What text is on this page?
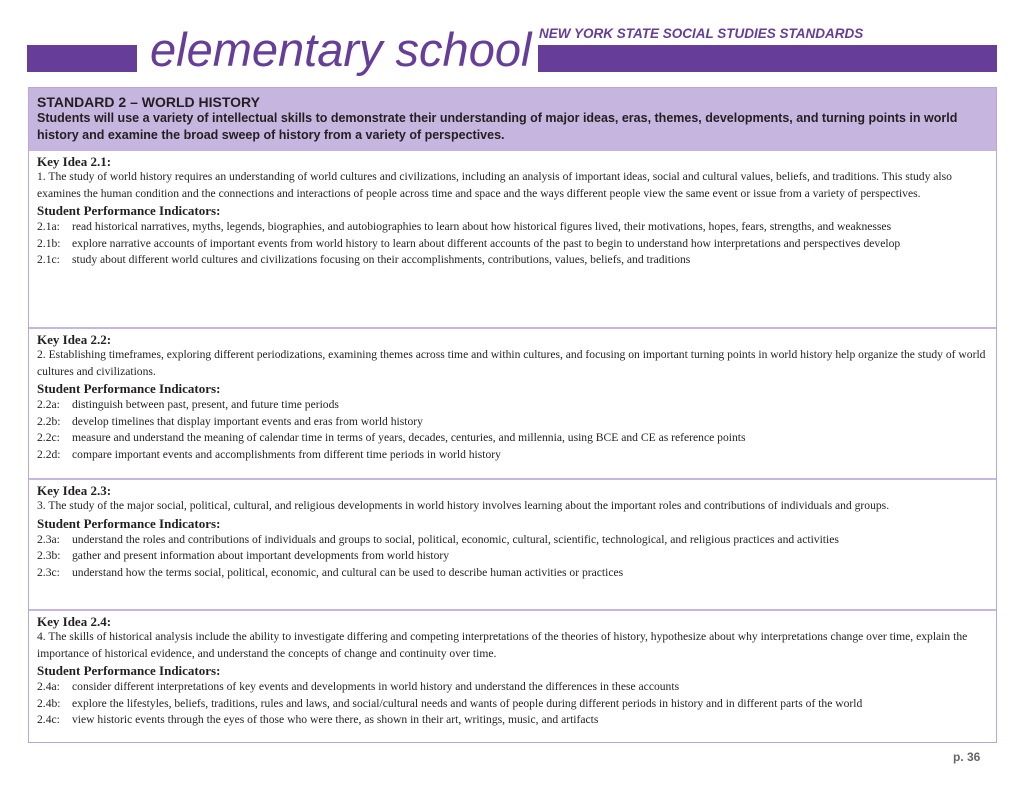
elementary school NEW YORK STATE SOCIAL STUDIES STANDARDS
STANDARD 2 – WORLD HISTORY
Students will use a variety of intellectual skills to demonstrate their understanding of major ideas, eras, themes, developments, and turning points in world history and examine the broad sweep of history from a variety of perspectives.
Key Idea 2.1:
1. The study of world history requires an understanding of world cultures and civilizations, including an analysis of important ideas, social and cultural values, beliefs, and traditions. This study also examines the human condition and the connections and interactions of people across time and space and the ways different people view the same event or issue from a variety of perspectives.
Student Performance Indicators:
2.1a:	read historical narratives, myths, legends, biographies, and autobiographies to learn about how historical figures lived, their motivations, hopes, fears, strengths, and weaknesses
2.1b: explore narrative accounts of important events from world history to learn about different accounts of the past to begin to understand how interpretations and perspectives develop
2.1c:	study about different world cultures and civilizations focusing on their accomplishments, contributions, values, beliefs, and traditions
Key Idea 2.2:
2. Establishing timeframes, exploring different periodizations, examining themes across time and within cultures, and focusing on important turning points in world history help organize the study of world cultures and civilizations.
Student Performance Indicators:
2.2a:	distinguish between past, present, and future time periods
2.2b: develop timelines that display important events and eras from world history
2.2c:	measure and understand the meaning of calendar time in terms of years, decades, centuries, and millennia, using BCE and CE as reference points
2.2d: compare important events and accomplishments from different time periods in world history
Key Idea 2.3:
3. The study of the major social, political, cultural, and religious developments in world history involves learning about the important roles and contributions of individuals and groups.
Student Performance Indicators:
2.3a:	understand the roles and contributions of individuals and groups to social, political, economic, cultural, scientific, technological, and religious practices and activities
2.3b: gather and present information about important developments from world history
2.3c:	understand how the terms social, political, economic, and cultural can be used to describe human activities or practices
Key Idea 2.4:
4. The skills of historical analysis include the ability to investigate differing and competing interpretations of the theories of history, hypothesize about why interpretations change over time, explain the importance of historical evidence, and understand the concepts of change and continuity over time.
Student Performance Indicators:
2.4a:	consider different interpretations of key events and developments in world history and understand the differences in these accounts
2.4b: explore the lifestyles, beliefs, traditions, rules and laws, and social/cultural needs and wants of people during different periods in history and in different parts of the world
2.4c:	view historic events through the eyes of those who were there, as shown in their art, writings, music, and artifacts
p. 36
